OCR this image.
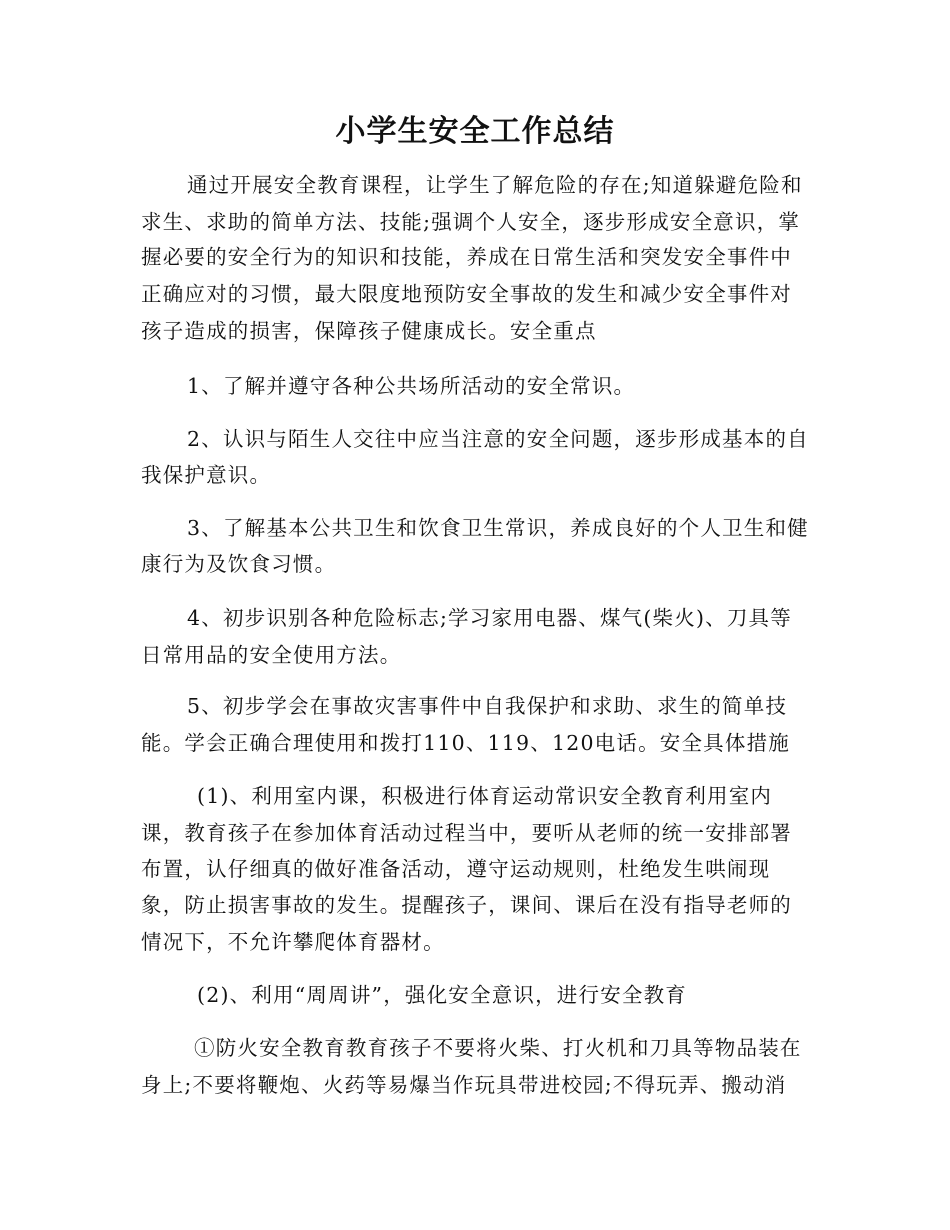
小学生安全工作总结
通过开展安全教育课程，让学生了解危险的存在;知道躲避危险和
求生、求助的简单方法、技能;强调个人安全，逐步形成安全意识，掌
握必要的安全行为的知识和技能，养成在日常生活和突发安全事件中
正确应对的习惯，最大限度地预防安全事故的发生和减少安全事件对
孩子造成的损害，保障孩子健康成长。安全重点
1、了解并遵守各种公共场所活动的安全常识。
2、认识与陌生人交往中应当注意的安全问题，逐步形成基本的自
我保护意识。
3、了解基本公共卫生和饮食卫生常识，养成良好的个人卫生和健
康行为及饮食习惯。
4、初步识别各种危险标志;学习家用电器、煤气(柴火)、刀具等
日常用品的安全使用方法。
5、初步学会在事故灾害事件中自我保护和求助、求生的简单技
能。学会正确合理使用和拨打110、119、120电话。安全具体措施
(1)、利用室内课，积极进行体育运动常识安全教育利用室内
课，教育孩子在参加体育活动过程当中，要听从老师的统一安排部署
布置，认仔细真的做好准备活动，遵守运动规则，杜绝发生哄闹现
象，防止损害事故的发生。提醒孩子，课间、课后在没有指导老师的
情况下，不允许攀爬体育器材。
(2)、利用“周周讲”，强化安全意识，进行安全教育
①防火安全教育教育孩子不要将火柴、打火机和刀具等物品装在
身上;不要将鞭炮、火药等易爆当作玩具带进校园;不得玩弄、搬动消
